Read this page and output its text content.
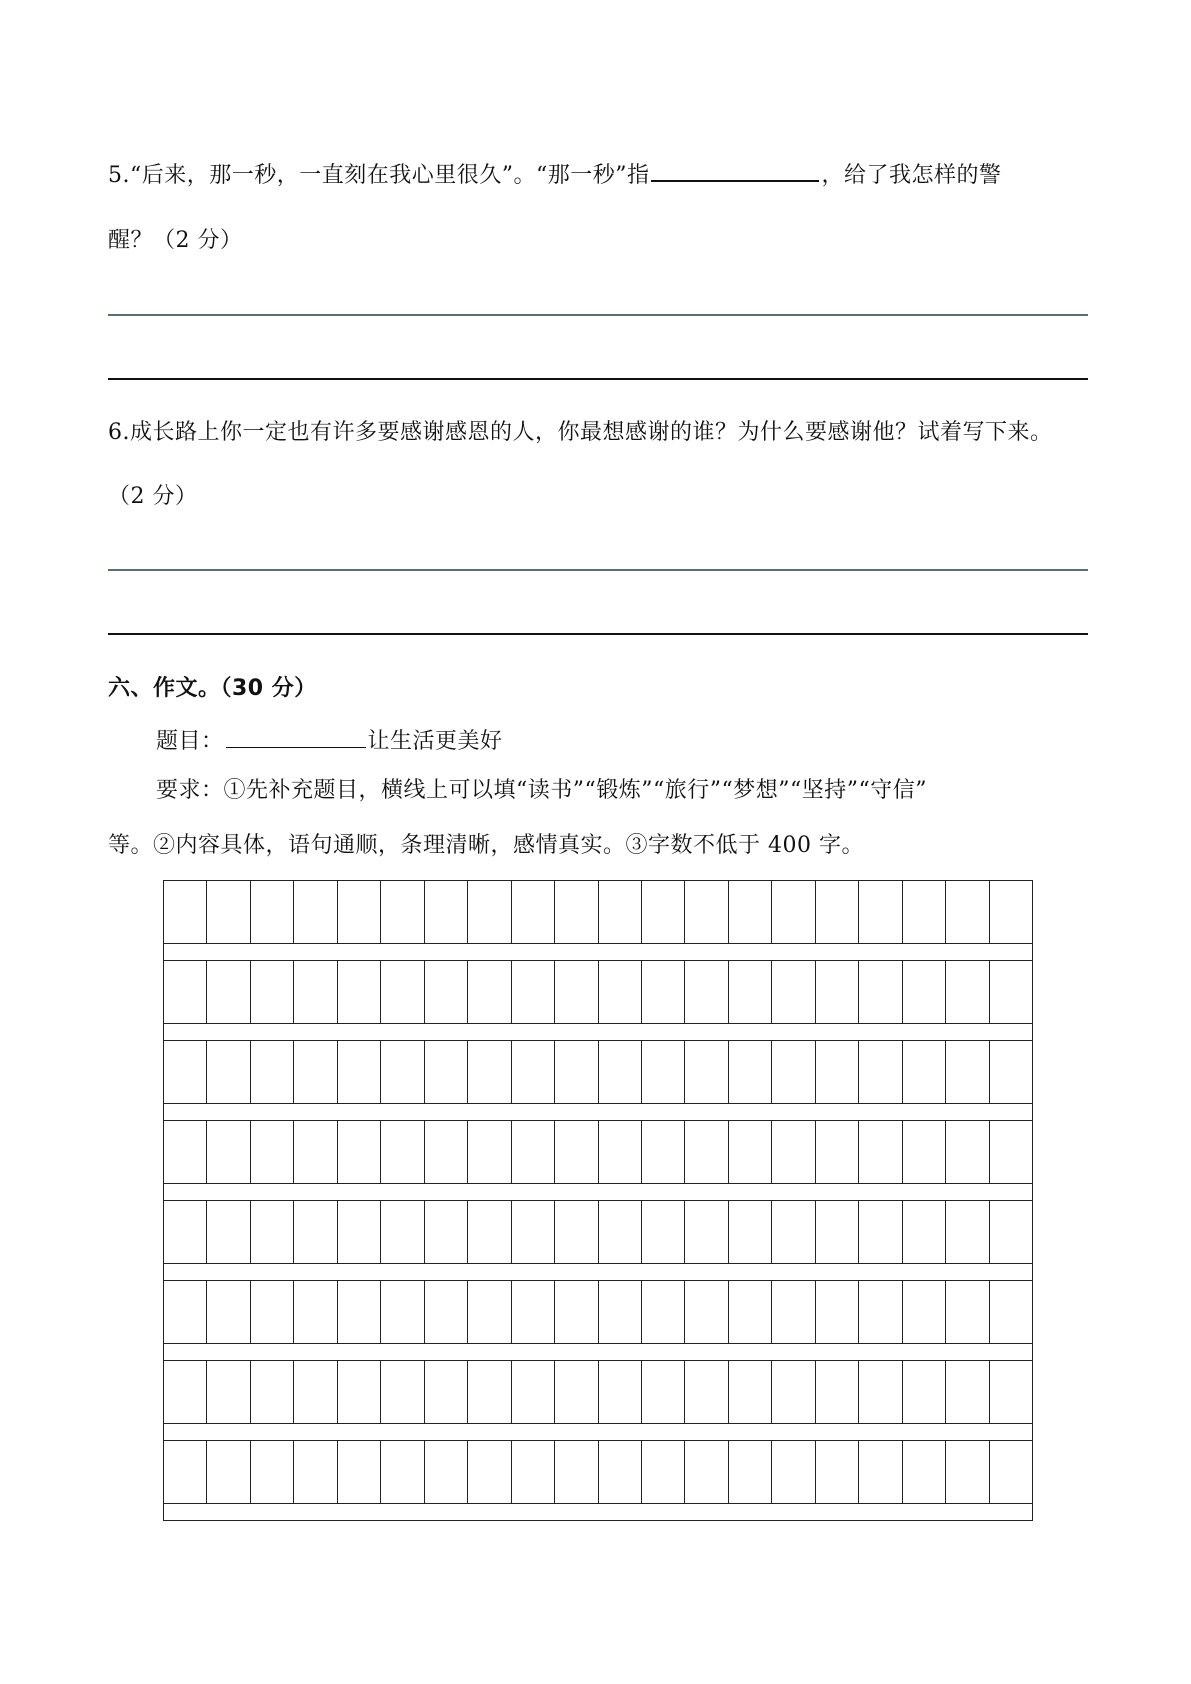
5.“后来，那一秒，一直刻在我心里很久”。“那一秒”指	，给了我怎样的警
醒？（2 分）
6.成长路上你一定也有许多要感谢感恩的人，你最想感谢的谁？为什么要感谢他？试着写下来。
（2 分）
六、作文。（30 分）
题目：	让生活更美好
要求：①先补充题目，横线上可以填“读书”“锻炼”“旅行”“梦想”“坚持”“守信”
等。②内容具体，语句通顺，条理清晰，感情真实。③字数不低于 400 字。
